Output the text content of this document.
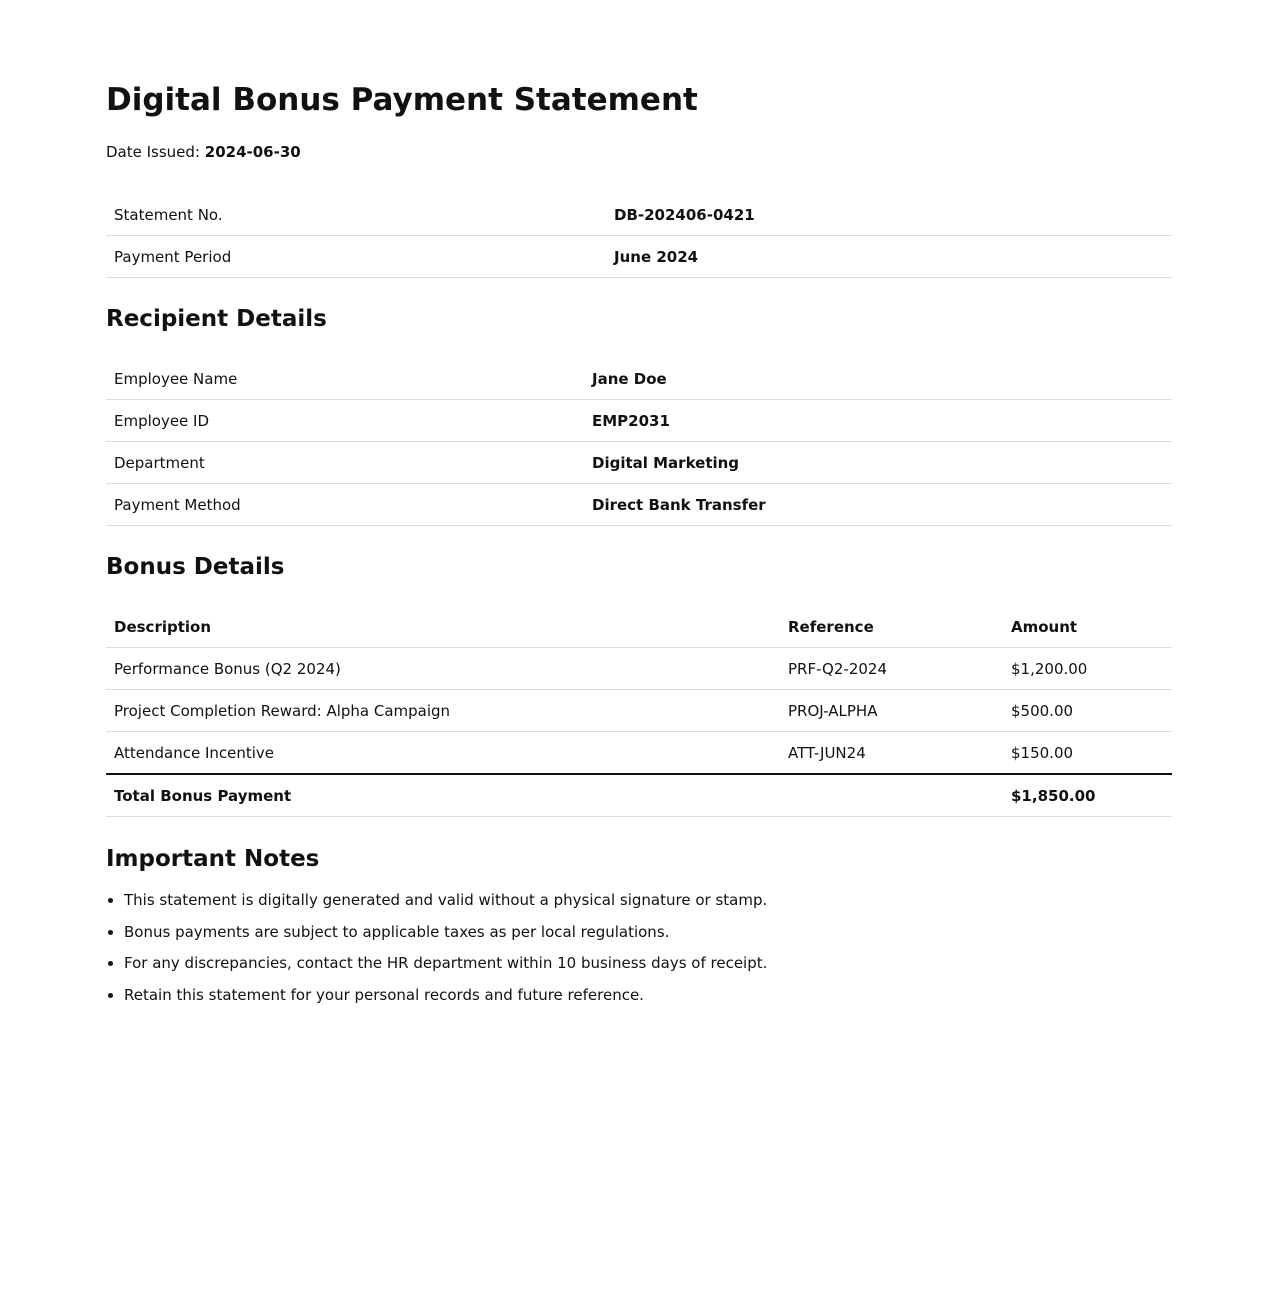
Digital Bonus Payment Statement
Date Issued: 2024-06-30
Statement No.	DB-202406-0421
Payment Period	June 2024
Recipient Details
Employee Name	Jane Doe
Employee ID	EMP2031
Department	Digital Marketing
Payment Method	Direct Bank Transfer
Bonus Details
Description	Reference	Amount
Performance Bonus (Q2 2024)	PRF-Q2-2024	$1,200.00
Project Completion Reward: Alpha Campaign	PROJ-ALPHA	$500.00
Attendance Incentive	ATT-JUN24	$150.00
Total Bonus Payment		$1,850.00
Important Notes
• This statement is digitally generated and valid without a physical signature or stamp.
• Bonus payments are subject to applicable taxes as per local regulations.
• For any discrepancies, contact the HR department within 10 business days of receipt.
• Retain this statement for your personal records and future reference.
